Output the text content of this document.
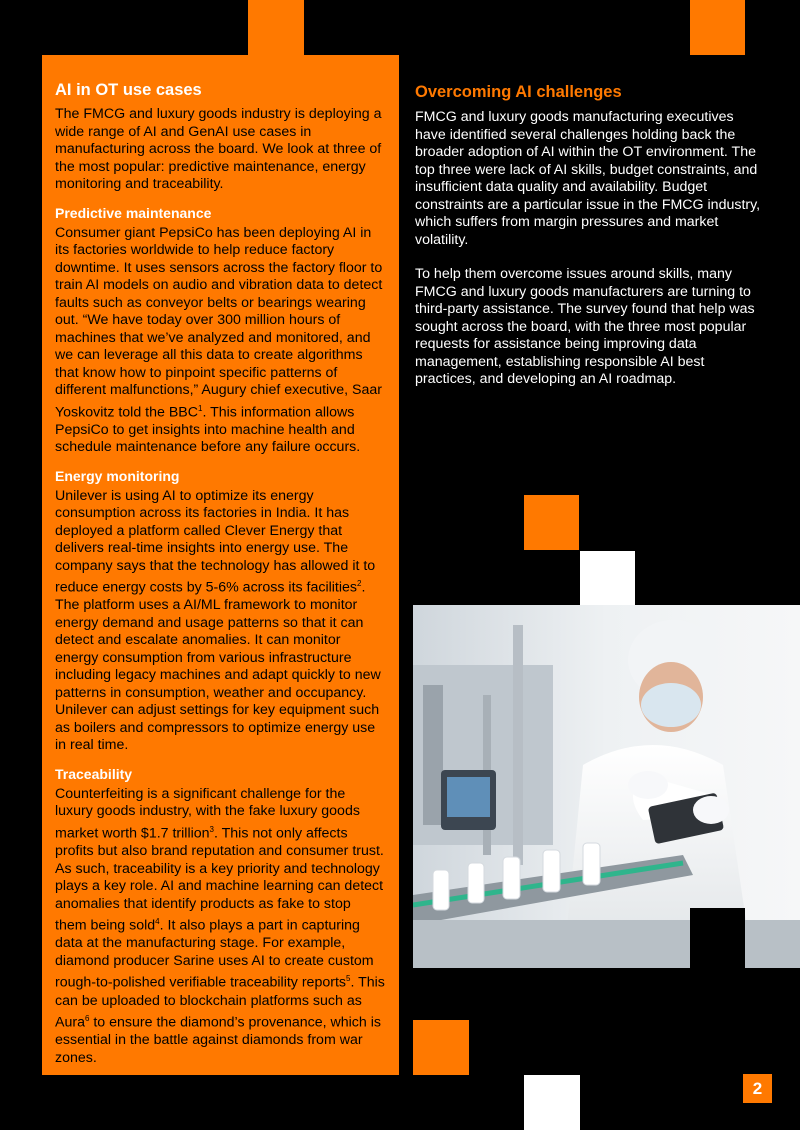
AI in OT use cases

The FMCG and luxury goods industry is deploying a wide range of AI and GenAI use cases in manufacturing across the board. We look at three of the most popular: predictive maintenance, energy monitoring and traceability.

Predictive maintenance

Consumer giant PepsiCo has been deploying AI in its factories worldwide to help reduce factory downtime. It uses sensors across the factory floor to train AI models on audio and vibration data to detect faults such as conveyor belts or bearings wearing out. “We have today over 300 million hours of machines that we’ve analyzed and monitored, and we can leverage all this data to create algorithms that know how to pinpoint specific patterns of different malfunctions,” Augury chief executive, Saar Yoskovitz told the BBC$^1$. This information allows PepsiCo to get insights into machine health and schedule maintenance before any failure occurs.

Energy monitoring

Unilever is using AI to optimize its energy consumption across its factories in India. It has deployed a platform called Clever Energy that delivers real-time insights into energy use. The company says that the technology has allowed it to reduce energy costs by 5-6% across its facilities$^2$. The platform uses a AI/ML framework to monitor energy demand and usage patterns so that it can detect and escalate anomalies. It can monitor energy consumption from various infrastructure including legacy machines and adapt quickly to new patterns in consumption, weather and occupancy. Unilever can adjust settings for key equipment such as boilers and compressors to optimize energy use in real time.

Traceability

Counterfeiting is a significant challenge for the luxury goods industry, with the fake luxury goods market worth $1.7 trillion$^3$. This not only affects profits but also brand reputation and consumer trust. As such, traceability is a key priority and technology plays a key role. AI and machine learning can detect anomalies that identify products as fake to stop them being sold$^4$. It also plays a part in capturing data at the manufacturing stage. For example, diamond producer Sarine uses AI to create custom rough-to-polished verifiable traceability reports$^5$. This can be uploaded to blockchain platforms such as Aura$^6$ to ensure the diamond’s provenance, which is essential in the battle against diamonds from war zones.

Overcoming AI challenges

FMCG and luxury goods manufacturing executives have identified several challenges holding back the broader adoption of AI within the OT environment. The top three were lack of AI skills, budget constraints, and insufficient data quality and availability. Budget constraints are a particular issue in the FMCG industry, which suffers from margin pressures and market volatility.

To help them overcome issues around skills, many FMCG and luxury goods manufacturers are turning to third-party assistance. The survey found that help was sought across the board, with the three most popular requests for assistance being improving data management, establishing responsible AI best practices, and developing an AI roadmap.

2
